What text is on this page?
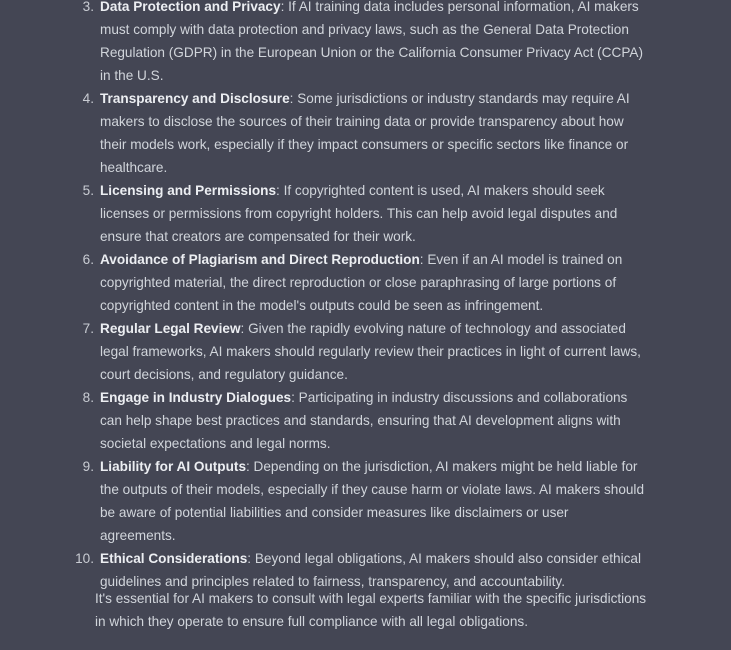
3. Data Protection and Privacy: If AI training data includes personal information, AI makers must comply with data protection and privacy laws, such as the General Data Protection Regulation (GDPR) in the European Union or the California Consumer Privacy Act (CCPA) in the U.S.
4. Transparency and Disclosure: Some jurisdictions or industry standards may require AI makers to disclose the sources of their training data or provide transparency about how their models work, especially if they impact consumers or specific sectors like finance or healthcare.
5. Licensing and Permissions: If copyrighted content is used, AI makers should seek licenses or permissions from copyright holders. This can help avoid legal disputes and ensure that creators are compensated for their work.
6. Avoidance of Plagiarism and Direct Reproduction: Even if an AI model is trained on copyrighted material, the direct reproduction or close paraphrasing of large portions of copyrighted content in the model's outputs could be seen as infringement.
7. Regular Legal Review: Given the rapidly evolving nature of technology and associated legal frameworks, AI makers should regularly review their practices in light of current laws, court decisions, and regulatory guidance.
8. Engage in Industry Dialogues: Participating in industry discussions and collaborations can help shape best practices and standards, ensuring that AI development aligns with societal expectations and legal norms.
9. Liability for AI Outputs: Depending on the jurisdiction, AI makers might be held liable for the outputs of their models, especially if they cause harm or violate laws. AI makers should be aware of potential liabilities and consider measures like disclaimers or user agreements.
10. Ethical Considerations: Beyond legal obligations, AI makers should also consider ethical guidelines and principles related to fairness, transparency, and accountability.

It's essential for AI makers to consult with legal experts familiar with the specific jurisdictions in which they operate to ensure full compliance with all legal obligations.
